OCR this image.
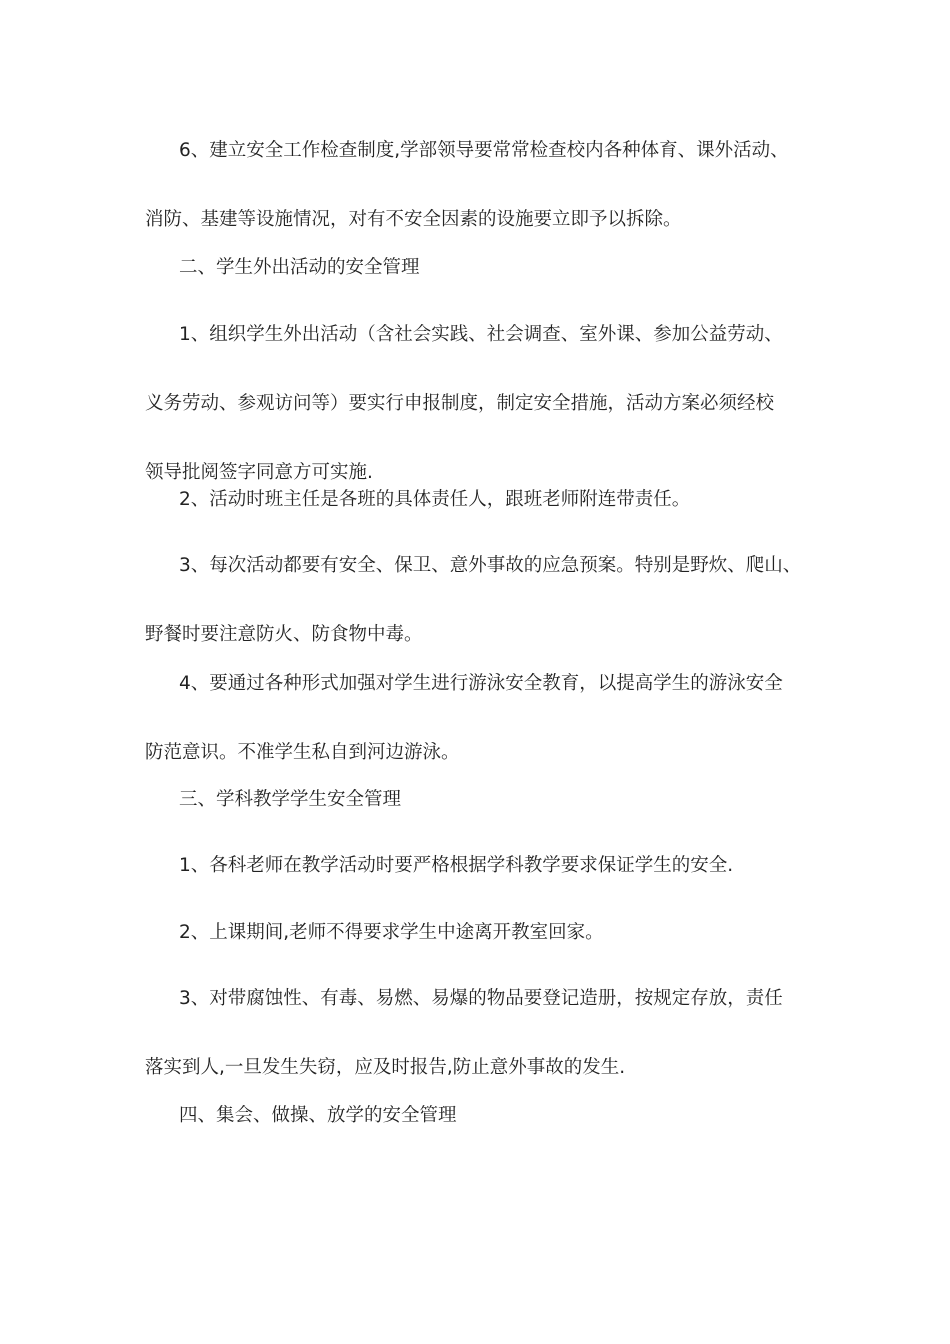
6、建立安全工作检查制度,学部领导要常常检查校内各种体育、课外活动、
消防、基建等设施情况，对有不安全因素的设施要立即予以拆除。
二、学生外出活动的安全管理
1、组织学生外出活动（含社会实践、社会调查、室外课、参加公益劳动、
义务劳动、参观访问等）要实行申报制度，制定安全措施，活动方案必须经校
领导批阅签字同意方可实施.
2、活动时班主任是各班的具体责任人，跟班老师附连带责任。
3、每次活动都要有安全、保卫、意外事故的应急预案。特别是野炊、爬山、
野餐时要注意防火、防食物中毒。
4、要通过各种形式加强对学生进行游泳安全教育，以提高学生的游泳安全
防范意识。不准学生私自到河边游泳。
三、学科教学学生安全管理
1、各科老师在教学活动时要严格根据学科教学要求保证学生的安全.
2、上课期间,老师不得要求学生中途离开教室回家。
3、对带腐蚀性、有毒、易燃、易爆的物品要登记造册，按规定存放，责任
落实到人,一旦发生失窃，应及时报告,防止意外事故的发生.
四、集会、做操、放学的安全管理
